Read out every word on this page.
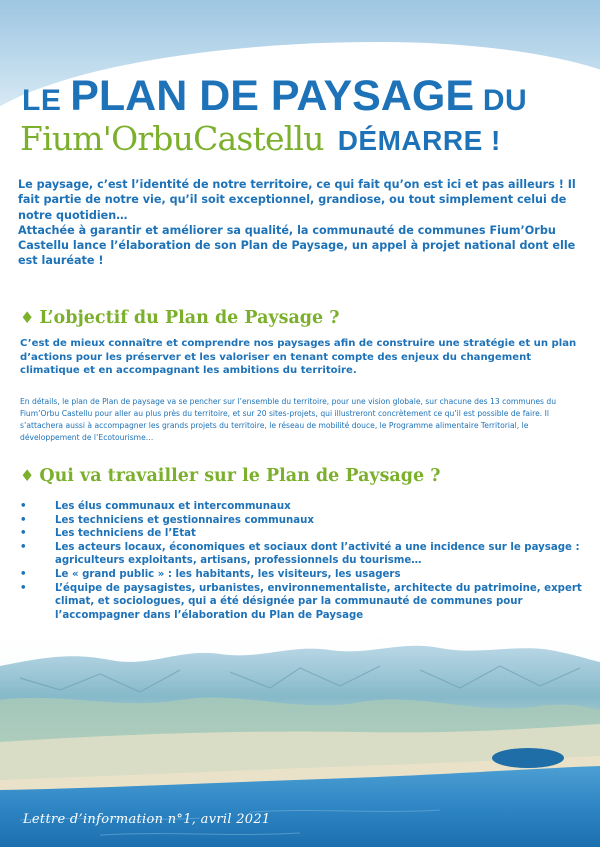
LE PLAN DE PAYSAGE DU
Fium'OrbuCastellu DÉMARRE !

Le paysage, c’est l’identité de notre territoire, ce qui fait qu’on est ici et pas ailleurs ! Il fait partie de notre vie, qu’il soit exceptionnel, grandiose, ou tout simplement celui de notre quotidien…

Attachée à garantir et améliorer sa qualité, la communauté de communes Fium’Orbu Castellu lance l’élaboration de son Plan de Paysage, un appel à projet national dont elle est lauréate !

♦ L’objectif du Plan de Paysage ?
C’est de mieux connaître et comprendre nos paysages afin de construire une stratégie et un plan d’actions pour les préserver et les valoriser en tenant compte des enjeux du changement climatique et en accompagnant les ambitions du territoire.
En détails, le plan de Plan de paysage va se pencher sur l’ensemble du territoire, pour une vision globale, sur chacune des 13 communes du Fium’Orbu Castellu pour aller au plus près du territoire, et sur 20 sites-projets, qui illustreront concrètement ce qu’il est possible de faire. Il s’attachera aussi à accompagner les grands projets du territoire, le réseau de mobilité douce, le Programme alimentaire Territorial, le développement de l’Ecotourisme…
♦ Qui va travailler sur le Plan de Paysage ?
•	Les élus communaux et intercommunaux
•	Les techniciens et gestionnaires communaux
•	Les techniciens de l’Etat
•	Les acteurs locaux, économiques et sociaux dont l’activité a une incidence sur le paysage : agriculteurs exploitants, artisans, professionnels du tourisme…
•	Le « grand public » : les habitants, les visiteurs, les usagers
•	L’équipe de paysagistes, urbanistes, environnementaliste, architecte du patrimoine, expert climat, et sociologues, qui a été désignée par la communauté de communes pour l’accompagner dans l’élaboration du Plan de Paysage
Lettre d’information n°1, avril 2021
